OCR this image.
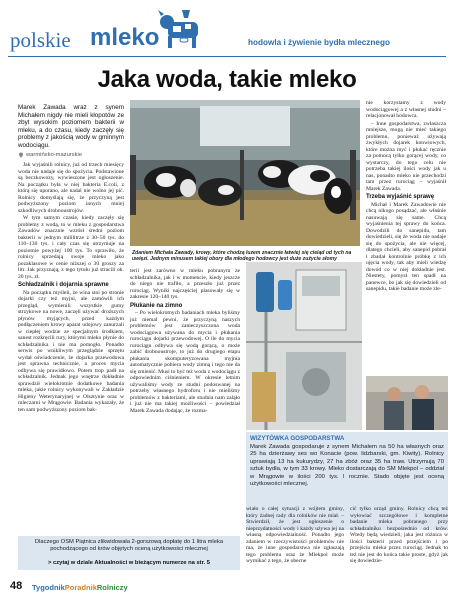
polskie mleko	hodowla i żywienie bydła mlecznego
Jaka woda, takie mleko
Marek Zawada wraz z synem Michałem nigdy nie mieli kłopotów ze zbyt wysokim poziomem bakterii w mleku, a do czasu, kiedy zaczęły się problemy z jakością wody w gminnym wodociągu.
warmińsko-mazurskie

Jak wyjaśnili rolnicy, już od trzech miesięcy woda nie nadaje się do spożycia. Podstawione są beczkowozy, wywieszone jest ogłoszenie. Na początku była w niej bakteria E.coli, z którą się uporano, ale nadal nie wolno jej pić. Rolnicy domyślają się, że przyczyną jest podwyższony poziom innych mniej szkodliwych drobnoustrojów.

W tym samym czasie, kiedy zaczęły się problemy z wodą, to w mleku z gospodarstwa Zawadów znacznie wzrósł średni poziom bakterii w jednym mililitrze z 30–50 tys. do 110–130 tys. i cały czas się utrzymuje na poziomie powyżej 100 tys. To sprawiło, że rolnicy sprzedają swoje mleko jako pozaklasowe w cenie niższej o 30 groszy za litr. Jak przyznają, z tego tytułu już stracili ok. 20 tys. zł.

Schładzalnik i dojarnia sprawne

Na początku myśleli, że wina stoi po stronie dojarki czy też myjni, ale zamówili ich przegląd, wymienili wszystkie gumy strzykowe na nowe, zaczęli używać droższych płynów myjących, przed każdym podłączeniem krowy aparat udojowy zanurzali w ciepłej wodzie ze specjalnym środkiem, sanest rozkręcili rury, którymi mleko płynie do schładzalnika i nie ma pomogło. Ponadto serwis po wnikliwym przeglądzie sprzętu wydał oświadczenie, że dojarka przewodowa jest sprawna technicznie, a proces mycia odbywa się prawidłowo. Potem trop padł na schładzalnik. Jednak jego wnętrze dokładnie sprawdził wielokrotnie dodatkowe badania mleka, jakie rolnicy wykonywali w Zakładzie Higieny Weterynaryjnej w Olsztynie oraz w mleczarni w Mrągowie. Badania wykazały, że ten sam podwyższony poziom bak-

Zdaniem Michała Zawady, krowy, które chodzą luzem znacznie łatwiej się cieląd od tych na uwięzi. Jednym minusem takiej obory dla młodego hodowcy jest duże zużycie słomy

terii jest zarówno w mleku pobranym ze schładzalnika, jak i w momencie, kiedy jeszcze do niego nie trafiło, a przeszło już przez rurociąg. Wyniki najczęściej plasowały się w zakresie 120–140 tys.

Płukanie na zimno

– Po wielokrotnych badaniach mleka byliśmy już niemal pewni, że przyczyną naszych problemów jest zanieczyszczona woda wodociągowa używana do mycia i płukania rurociągu dojarki przewodowej. O ile do mycia rurociągu odbywa się wodą gorącą, o może zabić drobnoustroje, to już do drugiego etapu płukania skomputeryzowana myjnia automatycznie pobiera wody zimną i tego nie da się zmienić. Musi to być też woda z wodociągu z odpowiednim ciśnieniem. W okresie letnim używaliśmy wody ze studni podoswanej na potrzeby własnego hydroforu i nie mieliśmy problemów z bakteriami, ale studnia nam zaląło i już nie ma takiej możliwości – powiedział Marek Zawada dodając, że rozma-

nie korzystamy z wody wodociągowej a z własnej studni – relacjonował hodowca.

– Inne gospodarstwa, zwłaszcza mniejsze, mogą nie mieć takiego problemu, ponieważ używają zwykłych dojarek konwiowych, które można myć i płukać ręcznie za pomocą tylko gorącej wody, co wystarczy, do tego celu nie potrzeba takiej ilości wody jak u nas, ponadto mleko nie przechodzi tam przez rurociąg – wyjaśnił Marek Zawada.

Trzeba wyjaśnić sprawę

Michał i Marek Zawadowie nie chcą nikogo posądzać, ale właśnie nasuwają się same. Chcą wyjaśnienia tej sprawy do końca. Dowodzili do sanepidu, tam dowiedzieli, się że woda nie nadaje się do spożycia, ale nie więcej, dlatego chcieli, aby sanepid pobrał i zbadał kontrolnie próbkę z ich ujęcia wody, tak aby mieli wiedzę dowód co w niej dokładnie jest. Niestety, pomysł ten spadł na panewce, bo jak się dowiedzieli od sanepidu, takie badanie może zle-

WIZYTÓWKA GOSPODARSTWA
Marek Zawada gospodaruje z synem Michałem na 50 ha własnych oraz 25 ha dzierżawy ses wo Konacie (pow. lidzbarski, gm. Kiwity). Rolnicy uprawiają 13 ha kukurydzy, 27 ha zbóż oraz 35 ha traw. Utrzymują 70 sztuk bydła, w tym 33 krowy. Mleko dostarczają do SM Mlekpol – oddział w Mrągowie w ilości 200 tys. l rocznie. Stado objęte jest oceną użytkowości mlecznej.

wiało o całej sytuacji z wójtem gminy, który żadnej rady dla rolników nie miał. – Stwierdził, że jest ogłoszenie o nieprzydatności wody i każdy używa jej na własną odpowiedzialność. Ponadto jego zdaniem w rzeczywistości problemów nie ma, że inne gospodarstwa nie zgłaszają tego problemu oraz że Mlekpol może wymikać z tego, że obecne

cić tylko urząd gminy. Rolnicy chcą też wyłowiać szczegółowe i kompletne badanie mleka pobranego przy schładzalniku bezpośrednio od krów. Wtedy będą wiedzieli, jaka jest różnica w ilości bakterii przed przejściem i po przejściu mleka przez rurociąg. Jednak to też nie jest do końca takie proste, gdyż jak się dowiedzie-

Dlaczego OSM Piątnica zlikwidowała 2-gorszową dopłatę do 1 litra mleka pochodzącego od krów objętych oceną użytkowości mlecznej
> czytaj w dziale Aktualności w bieżącym numerze na str. 5
48 Tygodnik Poradnik Rolniczy
